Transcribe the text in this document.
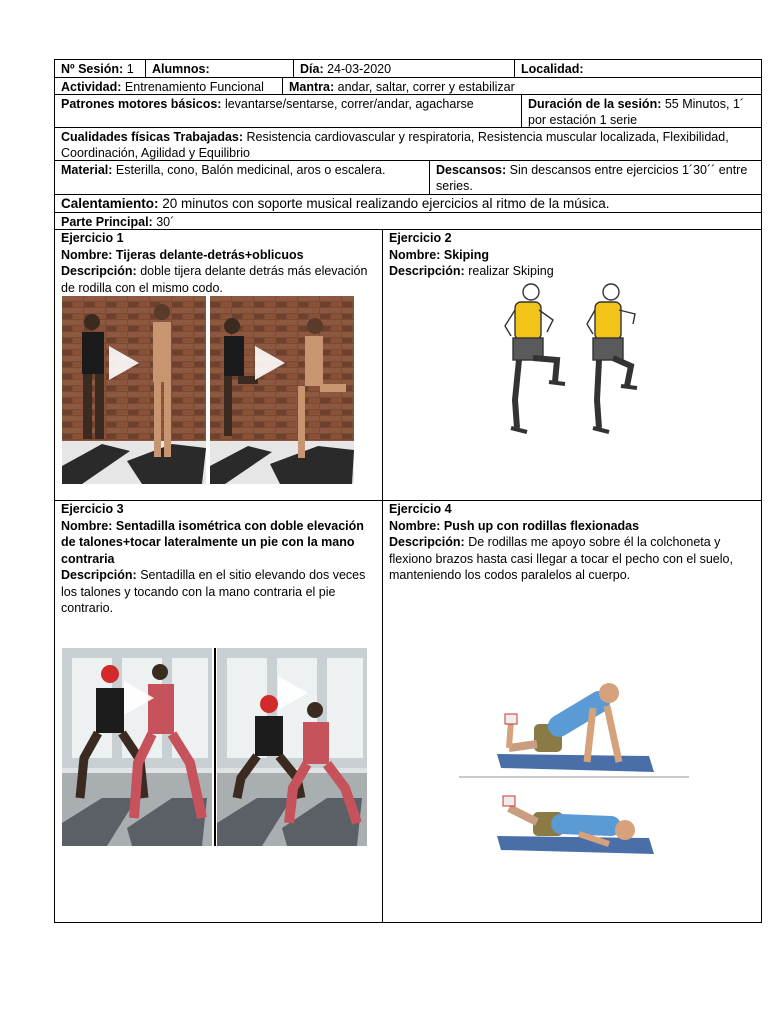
Nº Sesión: 1	Alumnos:	Día: 24-03-2020	Localidad:
Actividad: Entrenamiento Funcional	Mantra: andar, saltar, correr y estabilizar
Patrones motores básicos: levantarse/sentarse, correr/andar, agacharse	Duración de la sesión: 55 Minutos, 1´ por estación 1 serie
Cualidades físicas Trabajadas: Resistencia cardiovascular y respiratoria, Resistencia muscular localizada, Flexibilidad, Coordinación, Agilidad y Equilibrio
Material: Esterilla, cono, Balón medicinal, aros o escalera.	Descansos: Sin descansos entre ejercicios 1´30´´ entre series.
Calentamiento: 20 minutos con soporte musical realizando ejercicios al ritmo de la música.
Parte Principal: 30´
Ejercicio 1
Nombre: Tijeras delante-detrás+oblicuos
Descripción: doble tijera delante detrás más elevación de rodilla con el mismo codo.
Ejercicio 2
Nombre: Skiping
Descripción: realizar Skiping
Ejercicio 3
Nombre: Sentadilla isométrica con doble elevación de talones+tocar lateralmente un pie con la mano contraria
Descripción: Sentadilla en el sitio elevando dos veces los talones y tocando con la mano contraria el pie contrario.
Ejercicio 4
Nombre: Push up con rodillas flexionadas
Descripción: De rodillas me apoyo sobre él la colchoneta y flexiono brazos hasta casi llegar a tocar el pecho con el suelo, manteniendo los codos paralelos al cuerpo.
